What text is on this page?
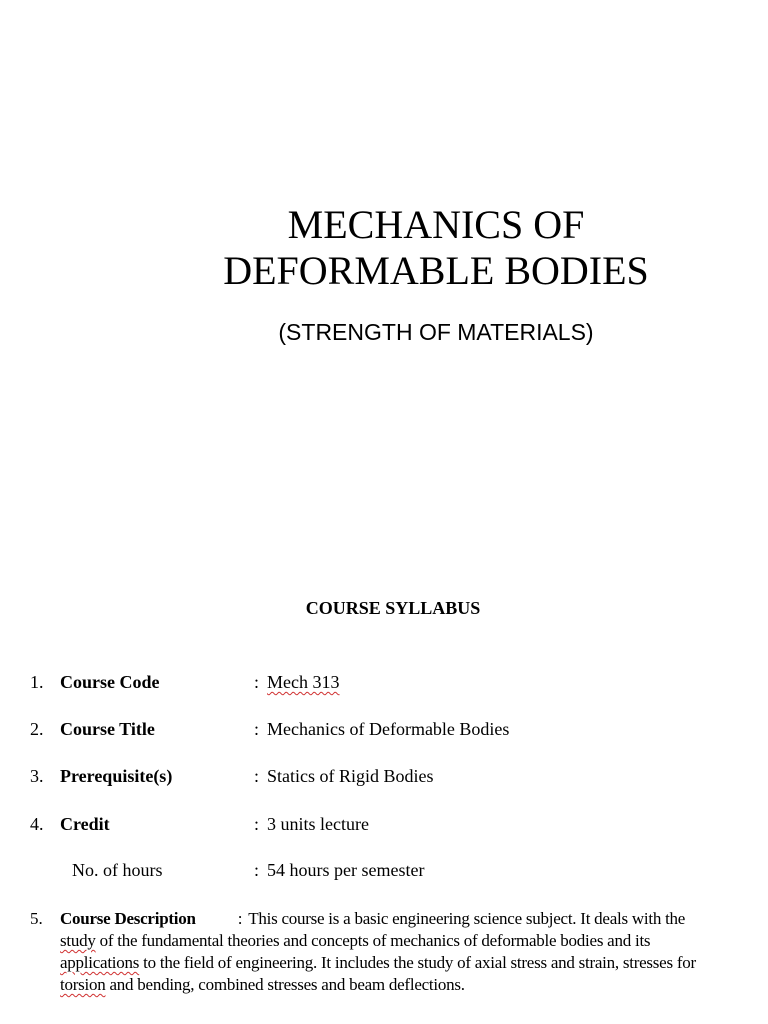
MECHANICS OF
DEFORMABLE BODIES
(STRENGTH OF MATERIALS)
COURSE SYLLABUS
1. Course Code	: Mech 313
2. Course Title	: Mechanics of Deformable Bodies
3. Prerequisite(s)	: Statics of Rigid Bodies
4. Credit	: 3 units lecture
No. of hours	: 54 hours per semester
5. Course Description : This course is a basic engineering science subject. It deals with the
study of the fundamental theories and concepts of mechanics of deformable bodies and its
applications to the field of engineering. It includes the study of axial stress and strain, stresses for
torsion and bending, combined stresses and beam deflections.
